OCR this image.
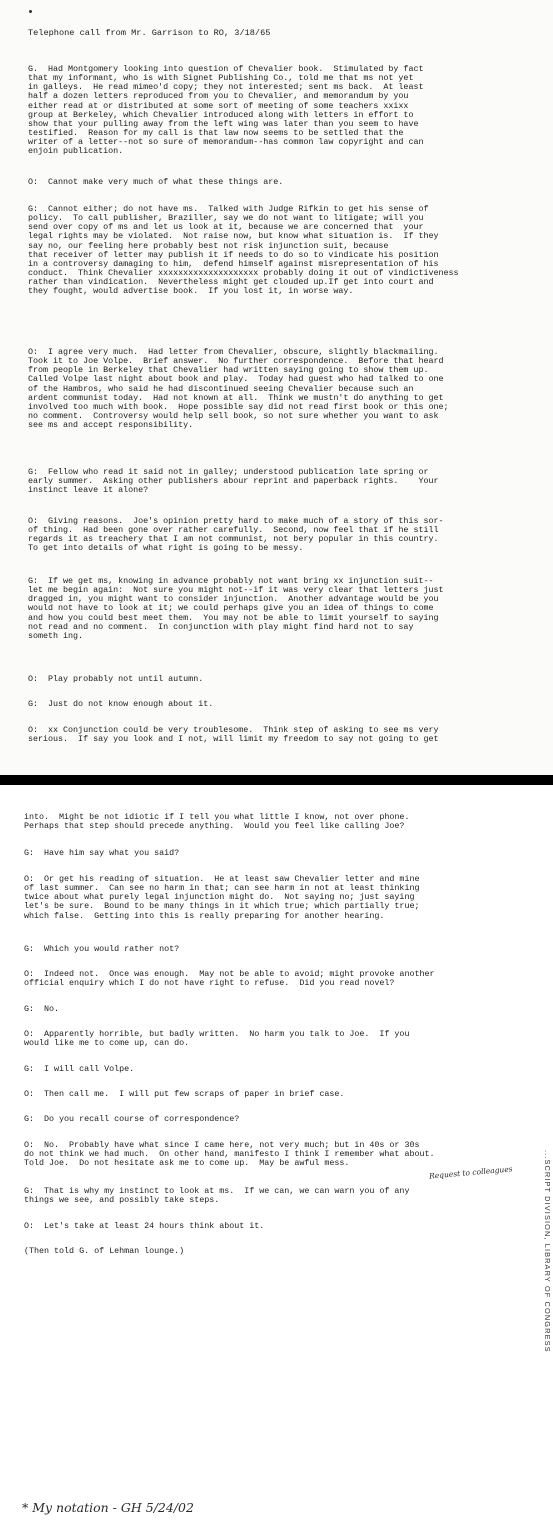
Telephone call from Mr. Garrison to RO, 3/18/65
G.  Had Montgomery looking into question of Chevalier book.  Stimulated by fact
that my informant, who is with Signet Publishing Co., told me that ms not yet
in galleys.  He read mimeo'd copy; they not interested; sent ms back.  At least
half a dozen letters reproduced from you to Chevalier, and memorandum by you
either read at or distributed at some sort of meeting of some teachers xxixx
group at Berkeley, which Chevalier introduced along with letters in effort to
show that your pulling away from the left wing was later than you seem to have
testified.  Reason for my call is that law now seems to be settled that the
writer of a letter--not so sure of memorandum--has common law copyright and can
enjoin publication.
O:  Cannot make very much of what these things are.
G:  Cannot either; do not have ms.  Talked with Judge Rifkin to get his sense of
policy.  To call publisher, Braziller, say we do not want to litigate; will you
send over copy of ms and let us look at it, because we are concerned that  your
legal rights may be violated.  Not raise now, but know what situation is.  If they
say no, our feeling here probably best not risk injunction suit, because
that receiver of letter may publish it if needs to do so to vindicate his position
in a controversy damaging to him,  defend himself against misrepresentation of his
conduct.  Think Chevalier xxxxxxxxxxxxxxxxxxxx probably doing it out of vindictiveness
rather than vindication.  Nevertheless might get clouded up.If get into court and
they fought, would advertise book.  If you lost it, in worse way.
O:  I agree very much.  Had letter from Chevalier, obscure, slightly blackmailing.
Took it to Joe Volpe.  Brief answer.  No further correspondence.  Before that heard
from people in Berkeley that Chevalier had written saying going to show them up.
Called Volpe last night about book and play.  Today had guest who had talked to one
of the Hambros, who said he had discontinued seeing Chevalier because such an
ardent communist today.  Had not known at all.  Think we mustn't do anything to get
involved too much with book.  Hope possible say did not read first book or this one;
no comment.  Controversy would help sell book, so not sure whether you want to ask
see ms and accept responsibility.
G:  Fellow who read it said not in galley; understood publication late spring or
early summer.  Asking other publishers abour reprint and paperback rights.    Your
instinct leave it alone?
O:  Giving reasons.  Joe's opinion pretty hard to make much of a story of this sor-
of thing.  Had been gone over rather carefully.  Second, now feel that if he still
regards it as treachery that I am not communist, not bery popular in this country.
To get into details of what right is going to be messy.
G:  If we get ms, knowing in advance probably not want bring xx injunction suit--
let me begin again:  Not sure you might not--if it was very clear that letters just
dragged in, you might want to consider injunction.  Another advantage would be you
would not have to look at it; we could perhaps give you an idea of things to come
and how you could best meet them.  You may not be able to limit yourself to saying
not read and no comment.  In conjunction with play might find hard not to say
someth ing.
O:  Play probably not until autumn.
G:  Just do not know enough about it.
O:  xx Conjunction could be very troublesome.  Think step of asking to see ms very
serious.  If say you look and I not, will limit my freedom to say not going to get
into.  Might be not idiotic if I tell you what little I know, not over phone.
Perhaps that step should precede anything.  Would you feel like calling Joe?
G:  Have him say what you said?
O:  Or get his reading of situation.  He at least saw Chevalier letter and mine
of last summer.  Can see no harm in that; can see harm in not at least thinking
twice about what purely legal injunction might do.  Not saying no; just saying
let's be sure.  Bound to be many things in it which true; which partially true;
which false.  Getting into this is really preparing for another hearing.
G:  Which you would rather not?
O:  Indeed not.  Once was enough.  May not be able to avoid; might provoke another
official enquiry which I do not have right to refuse.  Did you read novel?
G:  No.
O:  Apparently horrible, but badly written.  No harm you talk to Joe.  If you
would like me to come up, can do.
G:  I will call Volpe.
O:  Then call me.  I will put few scraps of paper in brief case.
G:  Do you recall course of correspondence?
O:  No.  Probably have what since I came here, not very much; but in 40s or 30s
do not think we had much.  On other hand, manifesto I think I remember what about.
Told Joe.  Do not hesitate ask me to come up.  May be awful mess.
G:  That is why my instinct to look at ms.  If we can, we can warn you of any
things we see, and possibly take steps.
O:  Let's take at least 24 hours think about it.
(Then told G. of Lehman lounge.)
Request to colleagues
* My notation - GH 5/24/02
...SCRIPT DIVISION, LIBRARY OF CONGRESS
